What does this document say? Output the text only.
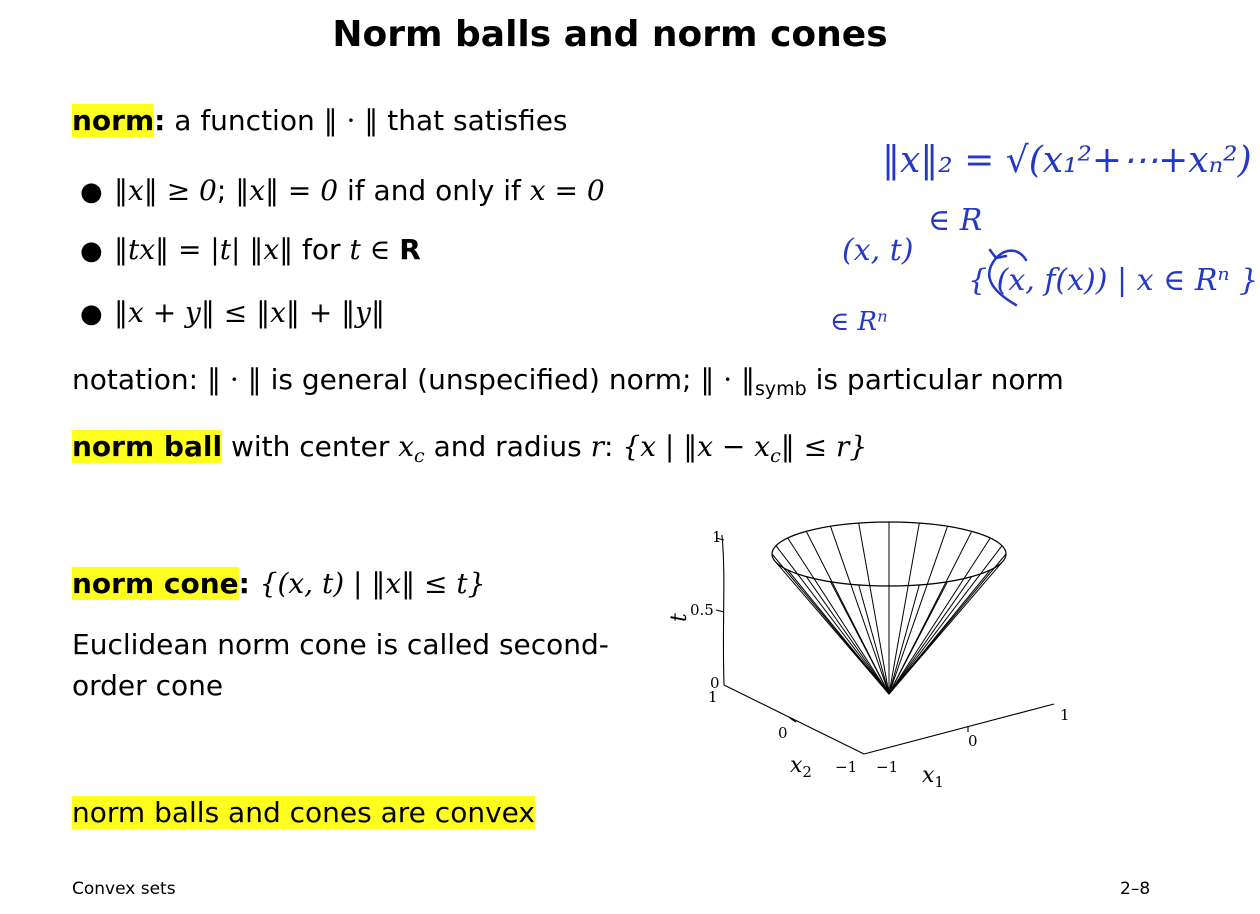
Norm balls and norm cones
norm: a function ‖ · ‖ that satisfies
● ‖x‖ ≥ 0; ‖x‖ = 0 if and only if x = 0
● ‖tx‖ = |t| ‖x‖ for t ∈ R
● ‖x + y‖ ≤ ‖x‖ + ‖y‖
notation: ‖ · ‖ is general (unspecified) norm; ‖ · $‖_{symb}$ is particular norm
norm ball with center $x_c$ and radius r: {x | ‖x − $x_c‖ \le r$}
norm cone: {(x, t) | ‖x‖ ≤ t}
Euclidean norm cone is called second-
order cone
norm balls and cones are convex
Convex sets	2–8
‖x‖₂ = √(x₁²+⋯+xₙ²)
∈ R
(x, t)
{ (x, f(x)) | x ∈ Rⁿ }
∈ Rⁿ
1
0.5
0
1
0
−1 −1
0
1
t
$x_2$	$x_1$
